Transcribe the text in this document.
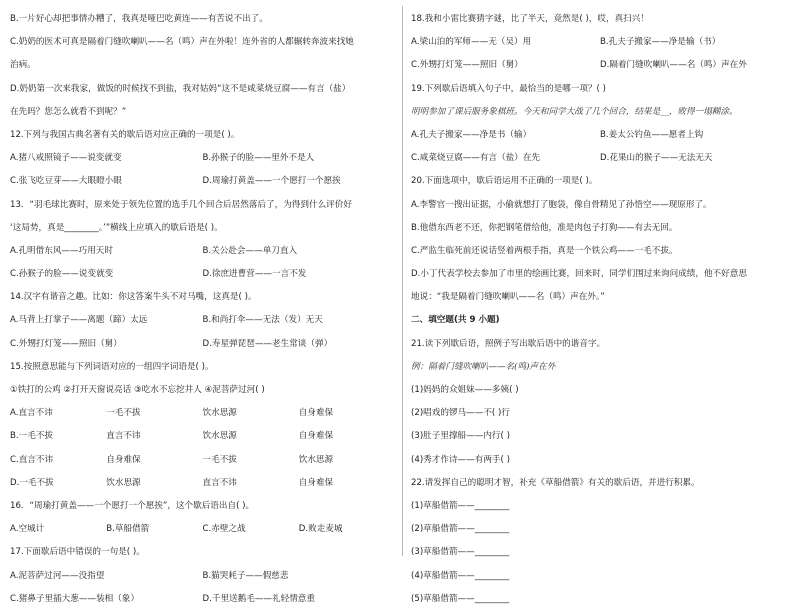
B.一片好心却把事情办糟了，我真是哑巴吃黄连——有苦说不出了。
C.奶奶的医术可真是隔着门缝吹喇叭——名（鸣）声在外啦！连外省的人都辗转奔波来找她
治病。
D.奶奶第一次来我家，做饭的时候找不到盐，我对姑妈“这不是咸菜烧豆腐——有言（盐）
在先吗？您怎么就看不到呢？”
12.下列与我国古典名著有关的歇后语对应正确的一项是( )。
A.猪八戒照镜子——说变就变	B.孙猴子的脸——里外不是人
C.张飞吃豆芽——大眼瞪小眼	D.周瑜打黄盖——一个愿打一个愿挨
13．“羽毛球比赛时，原来处于领先位置的选手几个回合后居然落后了，为得到什么评价好
‘这局势，真是________。’”横线上应填入的歇后语是( )。
A.孔明借东风——巧用天时	B.关公赴会——单刀直入
C.孙猴子的脸——说变就变	D.徐庶进曹营——一言不发
14.汉字有谐音之趣。比如：你这答案牛头不对马嘴，这真是( )。
A.马背上打掌子——离题（蹄）太远	B.和尚打伞——无法（发）无天
C.外甥打灯笼——照旧（舅）	D.寿星弹琵琶——老生常谈（弹）
15.按照意思能与下列词语对应的一组四字词语是( )。
①铁打的公鸡 ②打开天窗说亮话 ③吃水不忘挖井人 ④泥菩萨过河( )
A.直言不讳	一毛不拔	饮水思源	自身难保
B.一毛不拔	直言不讳	饮水思源	自身难保
C.直言不讳	自身难保	一毛不拔	饮水思源
D.一毛不拔	饮水思源	直言不讳	自身难保
16．“周瑜打黄盖——一个愿打一个愿挨”，这个歇后语出自( )。
A.空城计	B.草船借箭	C.赤壁之战	D.败走麦城
17.下面歇后语中错误的一句是( )。
A.泥菩萨过河——没指望	B.猫哭耗子——假慈悲
C.猪鼻子里插大葱——装相（象）	D.千里送鹅毛——礼轻情意重
18.我和小雷比赛猜字谜，比了半天，竟然是( )，哎，真扫兴！
A.梁山泊的军师——无（吴）用	B.孔夫子搬家——净是输（书）
C.外甥打灯笼——照旧（舅）	D.隔着门缝吹喇叭——名（鸣）声在外
19.下列歇后语填入句子中，最恰当的是哪一项？( )
明明参加了课后服务象棋班。今天和同学大战了几个回合，结果是__，败得一塌糊涂。
A.孔夫子搬家——净是书（输）	B.姜太公钓鱼——愿者上钩
C.咸菜烧豆腐——有言（盐）在先	D.花果山的猴子——无法无天
20.下面选项中，歇后语运用不正确的一项是( )。
A.李警官一搜出证据，小偷就想打了胞袋，像自骨精见了孙悟空——现原形了。
B.他借东西老不还，你把钢笔借给他，准是肉包子打狗——有去无回。
C.严监生临死前还说话竖着两根手指，真是一个铁公鸡——一毛不拔。
D.小丁代表学校去参加了市里的绘画比赛，回来时，同学们围过来询问成绩，他不好意思
地说：“我是隔着门缝吹喇叭——名（鸣）声在外。”
二、填空题(共 9 小题)
21.读下列歇后语，照例子写出歇后语中的谐音字。
例：隔着门缝吹喇叭——名(鸣)声在外
(1)妈妈的众姐妹——多姨( )
(2)唱戏的锣马——不( )行
(3)肚子里撑船——内行( )
(4)秀才作诗——有两手( )
22.请发挥自己的聪明才智，补充《草船借箭》有关的歇后语，并进行积累。
(1)草船借箭——________
(2)草船借箭——________
(3)草船借箭——________
(4)草船借箭——________
(5)草船借箭——________
